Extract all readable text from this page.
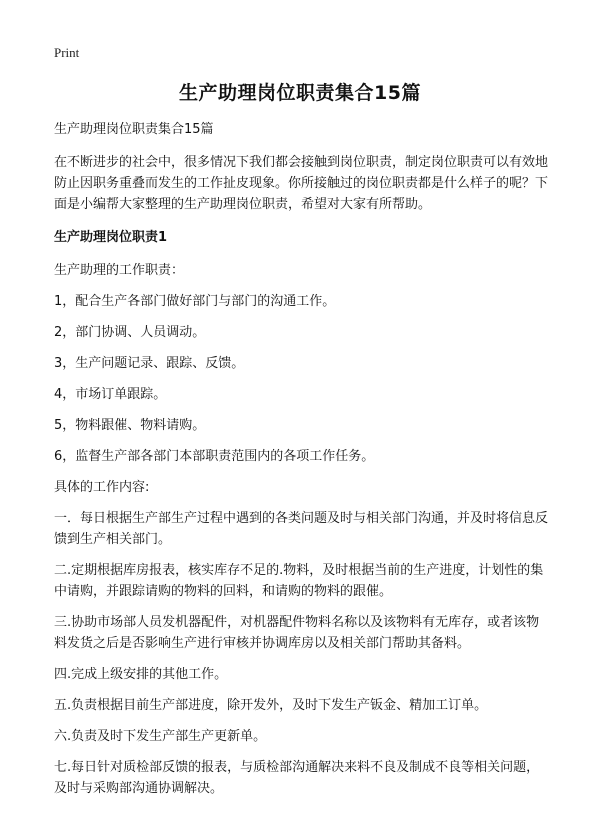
Print
生产助理岗位职责集合15篇
生产助理岗位职责集合15篇
在不断进步的社会中，很多情况下我们都会接触到岗位职责，制定岗位职责可以有效地防止因职务重叠而发生的工作扯皮现象。你所接触过的岗位职责都是什么样子的呢？下面是小编帮大家整理的生产助理岗位职责，希望对大家有所帮助。
生产助理岗位职责1
生产助理的工作职责：
1，配合生产各部门做好部门与部门的沟通工作。
2，部门协调、人员调动。
3，生产问题记录、跟踪、反馈。
4，市场订单跟踪。
5，物料跟催、物料请购。
6，监督生产部各部门本部职责范围内的各项工作任务。
具体的工作内容:
一．每日根据生产部生产过程中遇到的各类问题及时与相关部门沟通，并及时将信息反馈到生产相关部门。
二.定期根据库房报表，核实库存不足的.物料，及时根据当前的生产进度，计划性的集中请购，并跟踪请购的物料的回料，和请购的物料的跟催。
三.协助市场部人员发机器配件，对机器配件物料名称以及该物料有无库存，或者该物料发货之后是否影响生产进行审核并协调库房以及相关部门帮助其备料。
四.完成上级安排的其他工作。
五.负责根据目前生产部进度，除开发外，及时下发生产钣金、精加工订单。
六.负责及时下发生产部生产更新单。
七.每日针对质检部反馈的报表，与质检部沟通解决来料不良及制成不良等相关问题，及时与采购部沟通协调解决。
